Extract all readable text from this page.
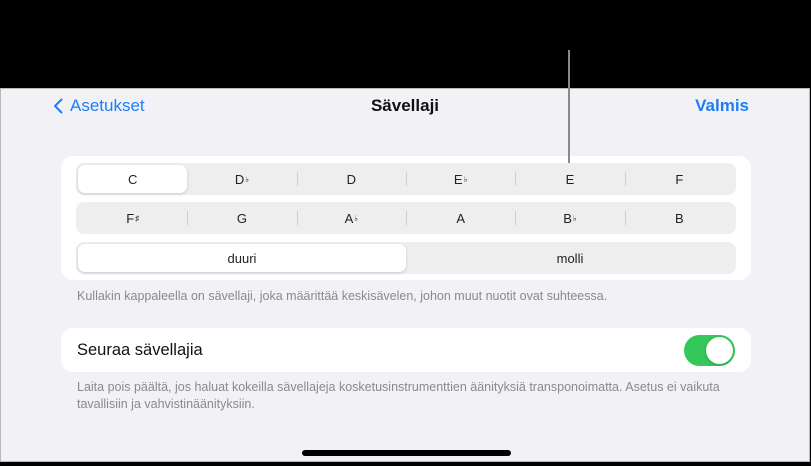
Asetukset	Sävellaji	Valmis
C	D ♭	D	E ♭	E	F
F ♯	G	A ♭	A	B ♭	B
duuri	molli
Kullakin kappaleella on sävellaji, joka määrittää keskisävelen, johon muut nuotit ovat suhteessa.
Seuraa sävellajia
Laita pois päältä, jos haluat kokeilla sävellajeja kosketusinstrumenttien äänityksiä transponoimatta. Asetus ei vaikuta tavallisiin ja vahvistinäänityksiin.
